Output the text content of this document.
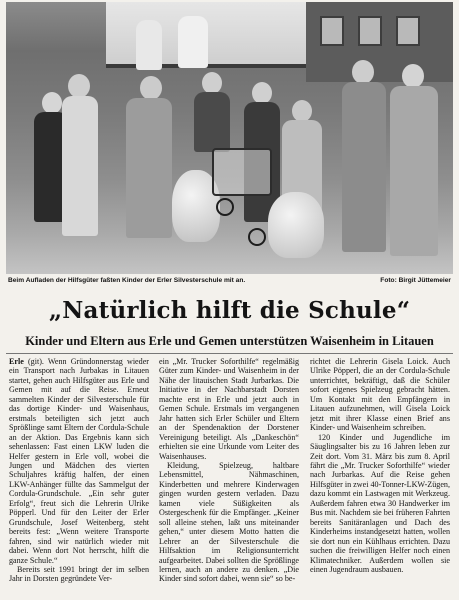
Beim Aufladen der Hilfsgüter faßten Kinder der Erler Silvesterschule mit an.	Foto: Birgit Jüttemeier
„Natürlich hilft die Schule“
Kinder und Eltern aus Erle und Gemen unterstützen Waisenheim in Litauen

Erle (git). Wenn Gründonnerstag wieder ein Transport nach Jurbakas in Litauen startet, gehen auch Hilfsgüter aus Erle und Gemen mit auf die Reise. Erneut sammelten Kinder der Silvesterschule für das dortige Kinder- und Waisenhaus, erstmals beteiligten sich jetzt auch Sprößlinge samt Eltern der Cordula-Schule an der Aktion. Das Ergebnis kann sich sehenlassen: Fast einen LKW luden die Helfer gestern in Erle voll, wobei die Jungen und Mädchen des vierten Schuljahres kräftig halfen, der einen LKW-Anhänger füllte das Sammelgut der Cordula-Grundschule. „Ein sehr guter Erfolg“, freut sich die Lehrerin Ulrike Pöpperl. Und für den Leiter der Erler Grundschule, Josef Weitenberg, steht bereits fest: „Wenn weitere Transporte fahren, sind wir natürlich wieder mit dabei. Wenn dort Not herrscht, hilft die ganze Schule.“

Bereits seit 1991 bringt der im selben Jahr in Dorsten gegründete Ver-

ein „Mr. Trucker Soforthilfe“ regelmäßig Güter zum Kinder- und Waisenheim in der Nähe der litauischen Stadt Jurbarkas. Die Initiative in der Nachbarstadt Dorsten machte erst in Erle und jetzt auch in Gemen Schule. Erstmals im vergangenen Jahr hatten sich Erler Schüler und Eltern an der Spendenaktion der Dorstener Vereinigung beteiligt. Als „Dankeschön“ erhielten sie eine Urkunde vom Leiter des Waisenhauses.

Kleidung, Spielzeug, haltbare Lebensmittel, Nähmaschinen, Kinderbetten und mehrere Kinderwagen gingen wurden gestern verladen. Dazu kamen viele Süßigkeiten als Ostergeschenk für die Empfänger. „Keiner soll alleine stehen, laßt uns miteinander gehen,“ unter diesem Motto hatten die Lehrer an der Silvesterschule die Hilfsaktion im Religionsunterricht aufgearbeitet. Dabei sollten die Sprößlinge lernen, auch an andere zu denken. „Die Kinder sind sofort dabei, wenn sie“ so be-

richtet die Lehrerin Gisela Loick. Auch Ulrike Pöpperl, die an der Cordula-Schule unterrichtet, bekräftigt, daß die Schüler sofort eigenes Spielzeug gebracht hätten. Um Kontakt mit den Empfängern in Litauen aufzunehmen, will Gisela Loick jetzt mit ihrer Klasse einen Brief ans Kinder- und Waisenheim schreiben.

120 Kinder und Jugendliche im Säuglingsalter bis zu 16 Jahren leben zur Zeit dort. Vom 31. März bis zum 8. April fährt die „Mr. Trucker Soforthilfe“ wieder nach Jurbarkas. Auf die Reise gehen Hilfsgüter in zwei 40-Tonner-LKW-Zügen, dazu kommt ein Lastwagen mit Werkzeug. Außerdem fahren etwa 30 Handwerker im Bus mit. Nachdem sie bei früheren Fahrten bereits Sanitäranlagen und Dach des Kinderheims instandgesetzt hatten, wollen sie dort nun ein Kühlhaus errichten. Dazu suchen die freiwilligen Helfer noch einen Klimatechniker. Außerdem wollen sie einen Jugendraum ausbauen.
